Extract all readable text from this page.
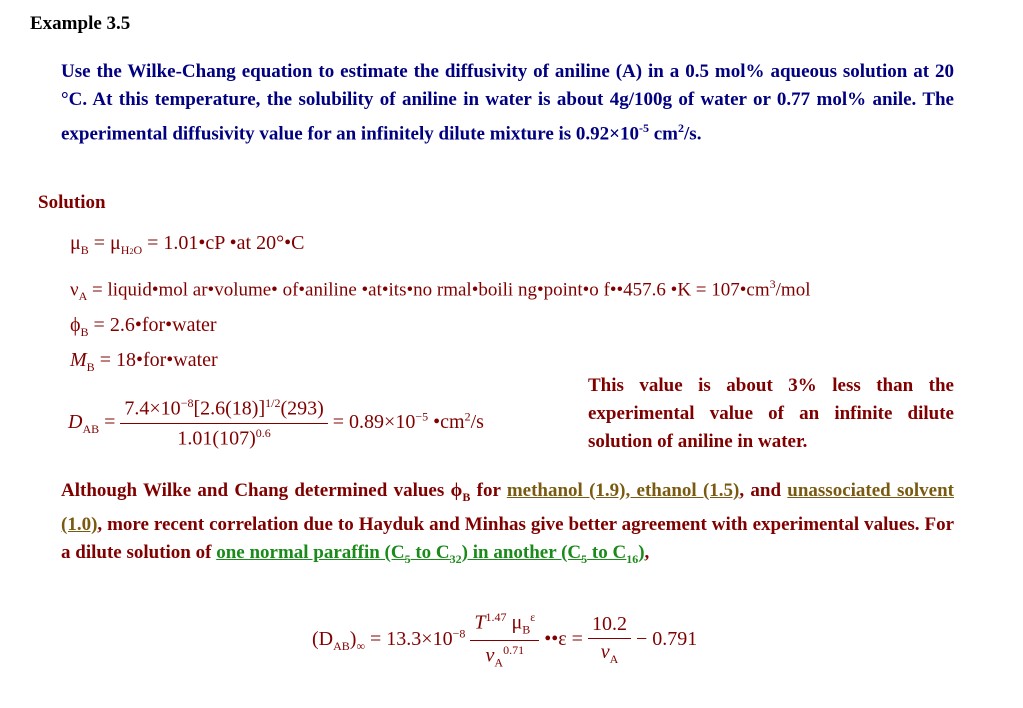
Example 3.5
Use the Wilke-Chang equation to estimate the diffusivity of aniline (A) in a 0.5 mol% aqueous solution at 20 °C. At this temperature, the solubility of aniline in water is about 4g/100g of water or 0.77 mol% anile. The experimental diffusivity value for an infinitely dilute mixture is $0.92\times 10^{-5}$ $cm^2/s$.
Solution
$\mu_B = \mu_{H2O}$ = 1.01•cP •at 20°•C
$\nu_A$ = liquid•mol ar•volume• of•aniline •at•its•no rmal•boili ng•point•o f••457.6 •K = $107•cm^3$/mol
$\phi_B$ = 2.6•for•water
$M_B$ = 18•for•water
$D_{AB} = \frac{7.4\times 10^{-8}[2.6(18)]^{1/2}(293)}{1.01(107)^{0.6}} = 0.89\times 10^{-5}$ $•cm^2/s$
This value is about 3% less than the experimental value of an infinite dilute solution of aniline in water.
Although Wilke and Chang determined values $\phi_B$ for methanol (1.9), ethanol (1.5), and unassociated solvent (1.0), more recent correlation due to Hayduk and Minhas give better agreement with experimental values. For a dilute solution of one normal paraffin ($C_5$ to $C_{32}$) in another ($C_5$ to $C_{16}$),
$(D_{AB})_\infty = 13.3\times 10^{-8} \frac{T^{1.47} \mu_B^\varepsilon}{v_A^{0.71}}$ ••ε = $\frac{10.2}{v_A} - 0.791$
